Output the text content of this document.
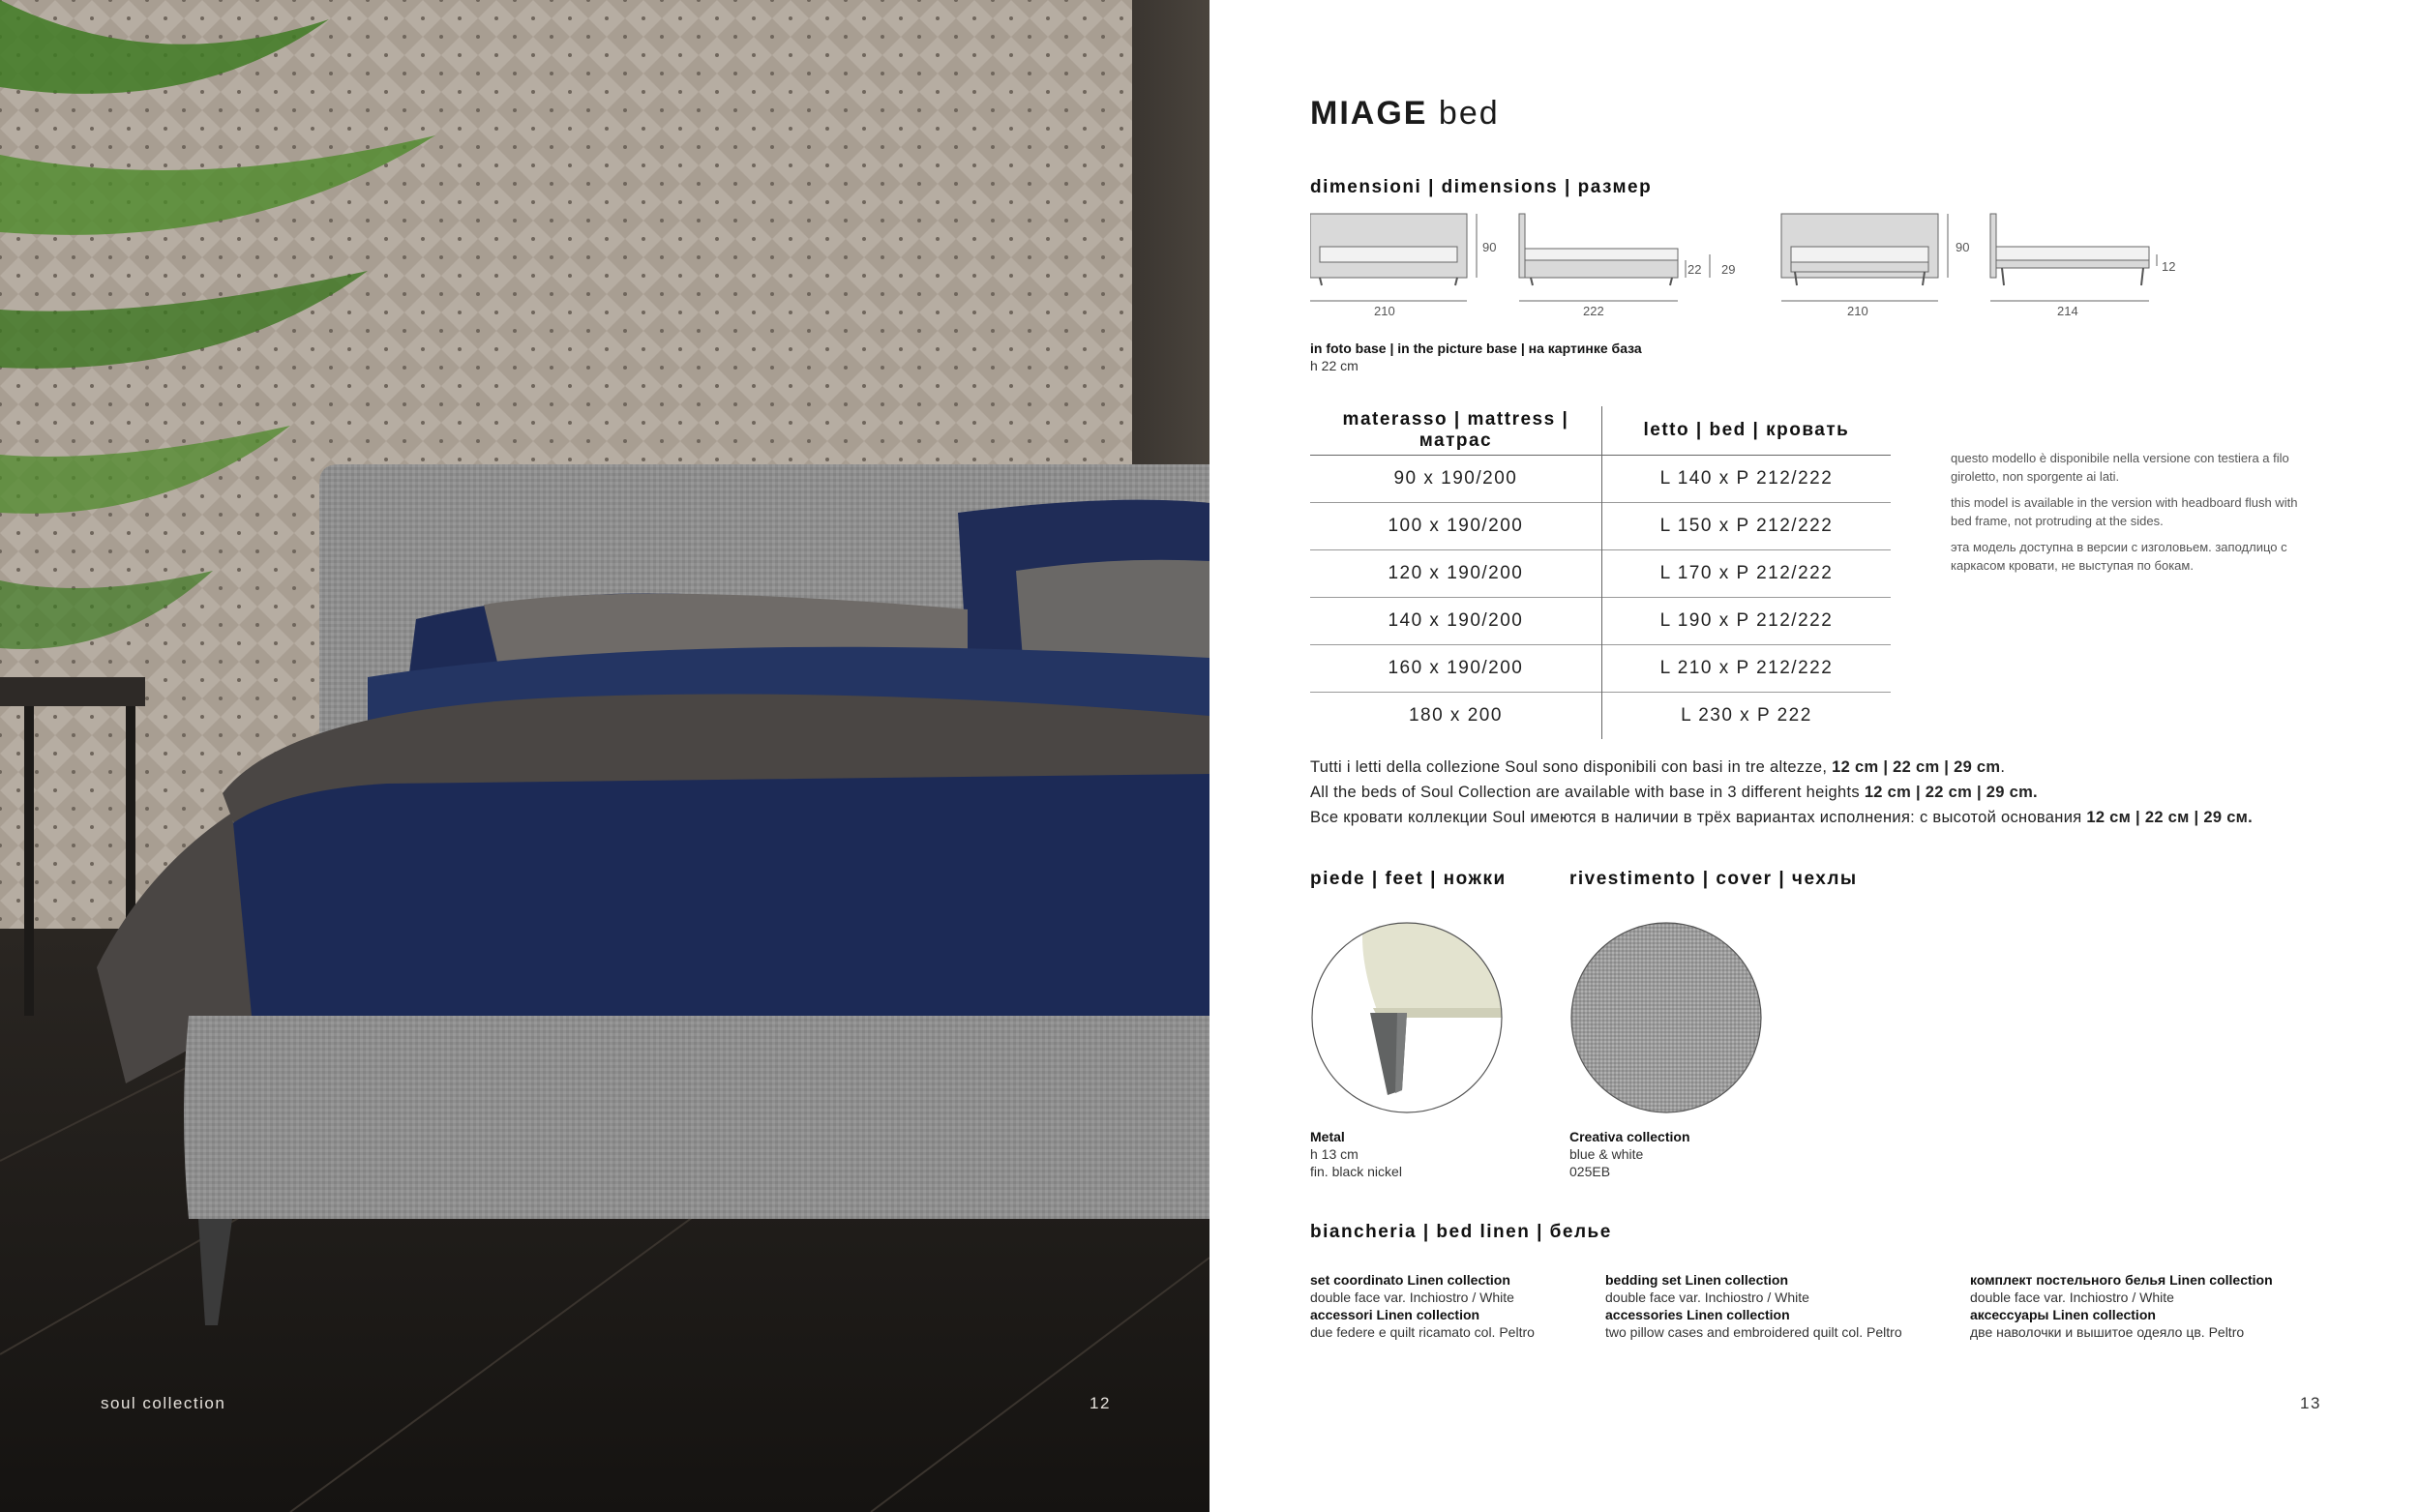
soul collection	12
MIAGE bed
dimensioni | dimensions | размер
210
90
222
22 29
210
90
214
12
in foto base | in the picture base | на картинке база
h 22 cm
materasso | mattress | матрас	letto | bed | кровать
90 x 190/200	L 140 x P 212/222
100 x 190/200	L 150 x P 212/222
120 x 190/200	L 170 x P 212/222
140 x 190/200	L 190 x P 212/222
160 x 190/200	L 210 x P 212/222
180 x 200	L 230 x P 222

questo modello è disponibile nella versione con testiera a filo giroletto, non sporgente ai lati.

this model is available in the version with headboard flush with bed frame, not protruding at the sides.

эта модель доступна в версии с изголовьем. заподлицо с каркасом кровати, не выступая по бокам.

Tutti i letti della collezione Soul sono disponibili con basi in tre altezze, 12 cm | 22 cm | 29 cm.
All the beds of Soul Collection are available with base in 3 different heights 12 cm | 22 cm | 29 cm.
Все кровати коллекции Soul имеются в наличии в трёх вариантах исполнения: с высотой основания 12 см | 22 см | 29 см.
piede | feet | ножки
Metal
h 13 cm
fin. black nickel
rivestimento | cover | чехлы
Creativa collection
blue & white
025EB
biancheria | bed linen | белье
set coordinato Linen collection
double face var. Inchiostro / White
accessori Linen collection
due federe e quilt ricamato col. Peltro
bedding set Linen collection
double face var. Inchiostro / White
accessories Linen collection
two pillow cases and embroidered quilt col. Peltro
комплект постельного белья Linen collection
double face var. Inchiostro / White
аксессуары Linen collection
две наволочки и вышитое одеяло цв. Peltro
13
